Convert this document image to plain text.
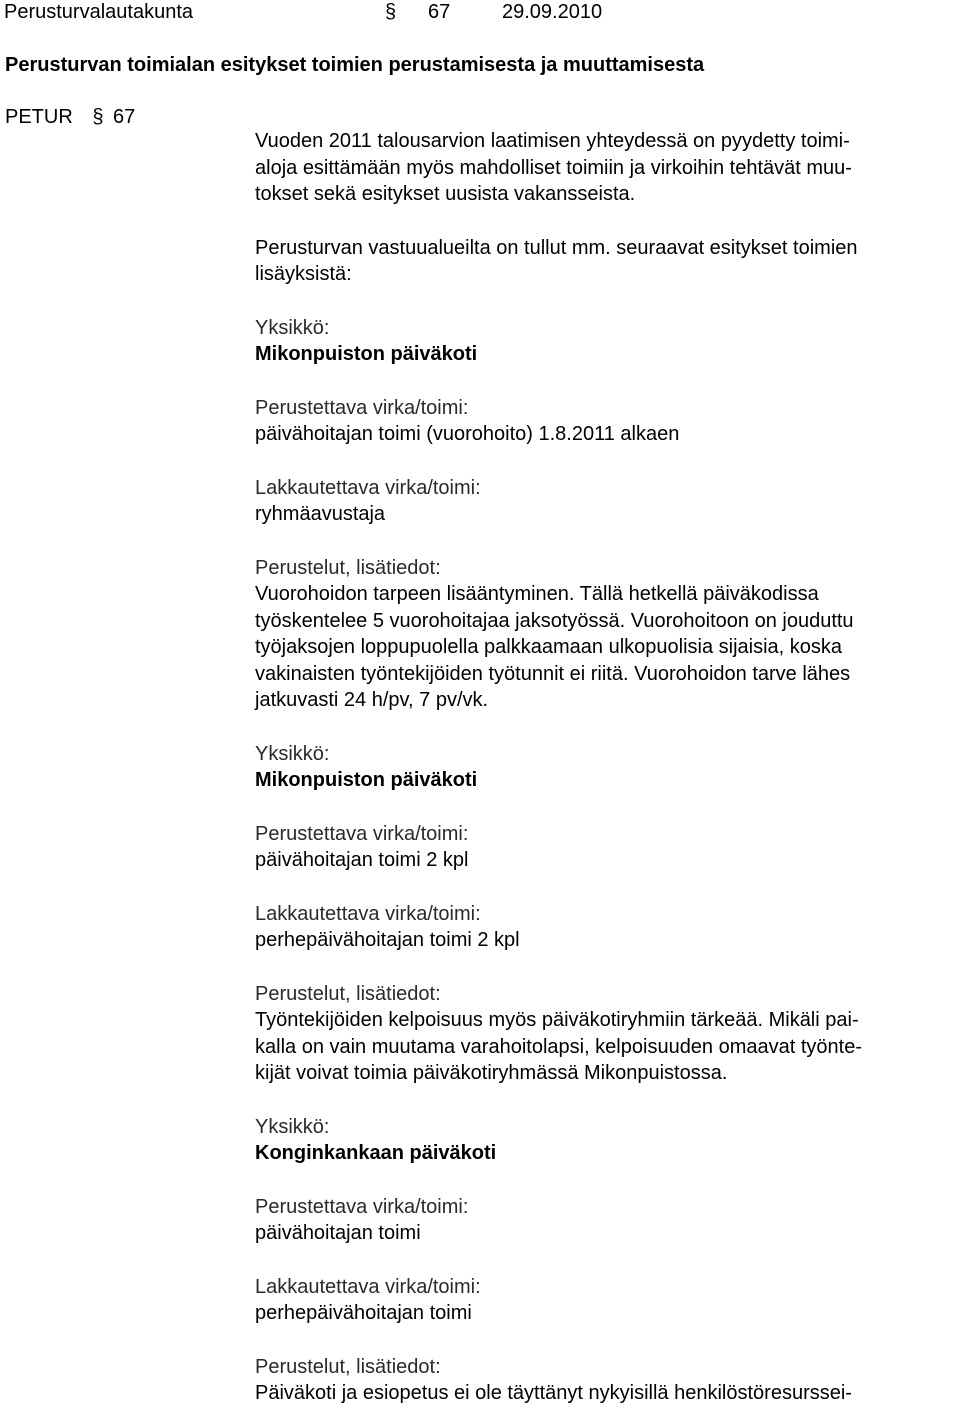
Perusturvalautakunta	§ 67	29.09.2010
Perusturvan toimialan esitykset toimien perustamisesta ja muuttamisesta
PETUR § 67
Vuoden 2011 talousarvion laatimisen yhteydessä on pyydetty toimi-
aloja esittämään myös mahdolliset toimiin ja virkoihin tehtävät muu-
tokset sekä esitykset uusista vakansseista.
Perusturvan vastuualueilta on tullut mm. seuraavat esitykset toimien
lisäyksistä:
Yksikkö:
Mikonpuiston päiväkoti
Perustettava virka/toimi:
päivähoitajan toimi (vuorohoito) 1.8.2011 alkaen
Lakkautettava virka/toimi:
ryhmäavustaja
Perustelut, lisätiedot:
Vuorohoidon tarpeen lisääntyminen. Tällä hetkellä päiväkodissa
työskentelee 5 vuorohoitajaa jaksotyössä. Vuorohoitoon on jouduttu
työjaksojen loppupuolella palkkaamaan ulkopuolisia sijaisia, koska
vakinaisten työntekijöiden työtunnit ei riitä. Vuorohoidon tarve lähes
jatkuvasti 24 h/pv, 7 pv/vk.
Yksikkö:
Mikonpuiston päiväkoti
Perustettava virka/toimi:
päivähoitajan toimi 2 kpl
Lakkautettava virka/toimi:
perhepäivähoitajan toimi 2 kpl
Perustelut, lisätiedot:
Työntekijöiden kelpoisuus myös päiväkotiryhmiin tärkeää. Mikäli pai-
kalla on vain muutama varahoitolapsi, kelpoisuuden omaavat työnte-
kijät voivat toimia päiväkotiryhmässä Mikonpuistossa.
Yksikkö:
Konginkankaan päiväkoti
Perustettava virka/toimi:
päivähoitajan toimi
Lakkautettava virka/toimi:
perhepäivähoitajan toimi
Perustelut, lisätiedot:
Päiväkoti ja esiopetus ei ole täyttänyt nykyisillä henkilöstöresurssei-
